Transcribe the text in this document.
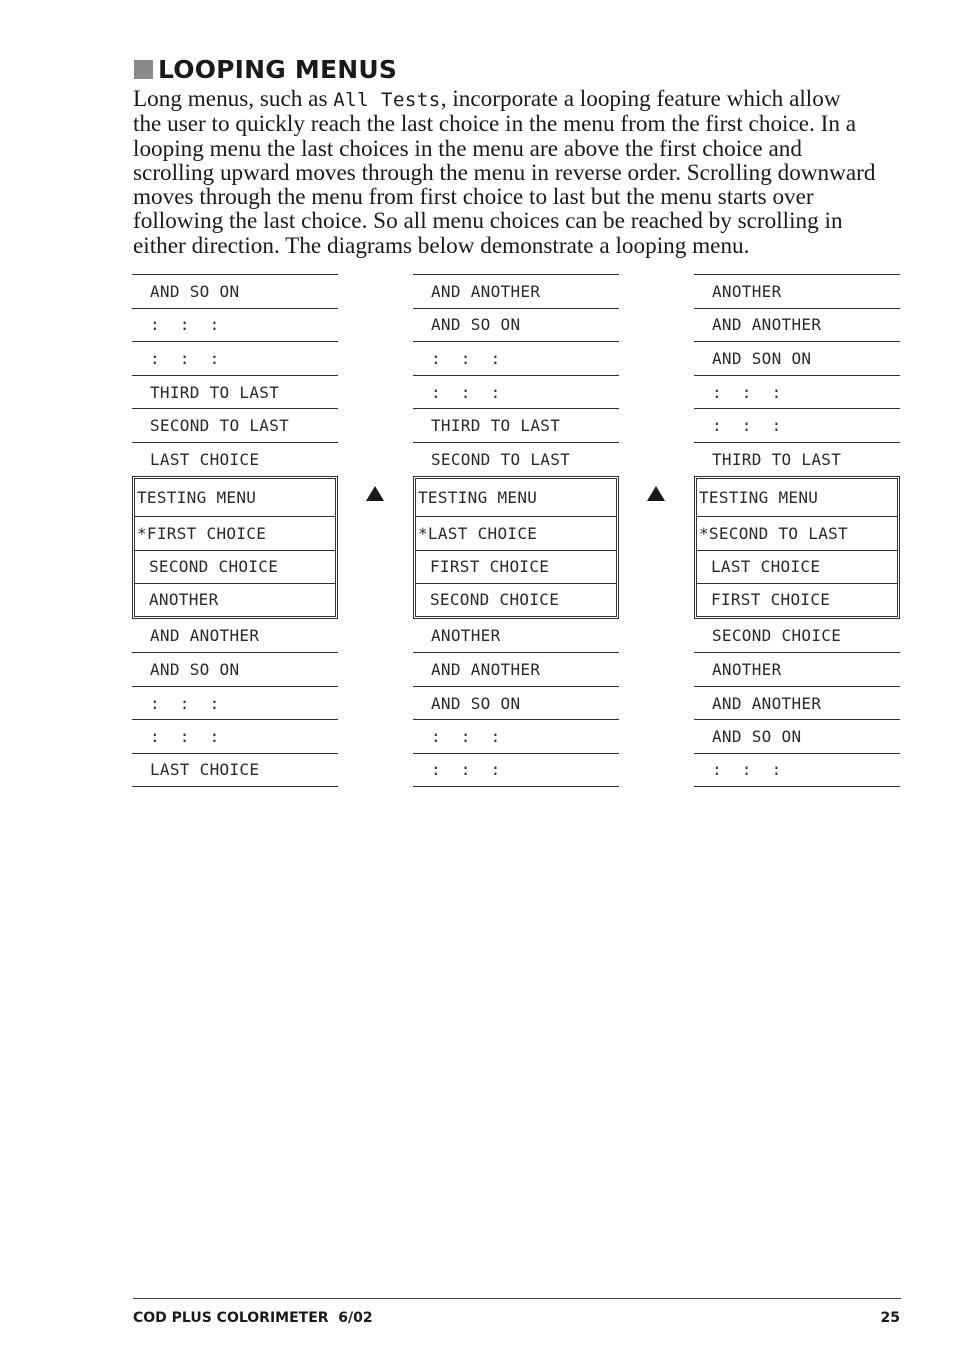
LOOPING MENUS
Long menus, such as All Tests, incorporate a looping feature which allow
the user to quickly reach the last choice in the menu from the first choice. In a
looping menu the last choices in the menu are above the first choice and
scrolling upward moves through the menu in reverse order. Scrolling downward
moves through the menu from first choice to last but the menu starts over
following the last choice. So all menu choices can be reached by scrolling in
either direction. The diagrams below demonstrate a looping menu.
AND SO ON
:  :  :
:  :  :
THIRD TO LAST
SECOND TO LAST
LAST CHOICE
TESTING MENU
*FIRST CHOICE
SECOND CHOICE
ANOTHER
AND ANOTHER
AND SO ON
:  :  :
:  :  :
LAST CHOICE
AND ANOTHER
AND SO ON
:  :  :
:  :  :
THIRD TO LAST
SECOND TO LAST
TESTING MENU
*LAST CHOICE
FIRST CHOICE
SECOND CHOICE
ANOTHER
AND ANOTHER
AND SO ON
:  :  :
:  :  :
ANOTHER
AND ANOTHER
AND SON ON
:  :  :
:  :  :
THIRD TO LAST
TESTING MENU
*SECOND TO LAST
LAST CHOICE
FIRST CHOICE
SECOND CHOICE
ANOTHER
AND ANOTHER
AND SO ON
:  :  :
COD PLUS COLORIMETER  6/02	25
